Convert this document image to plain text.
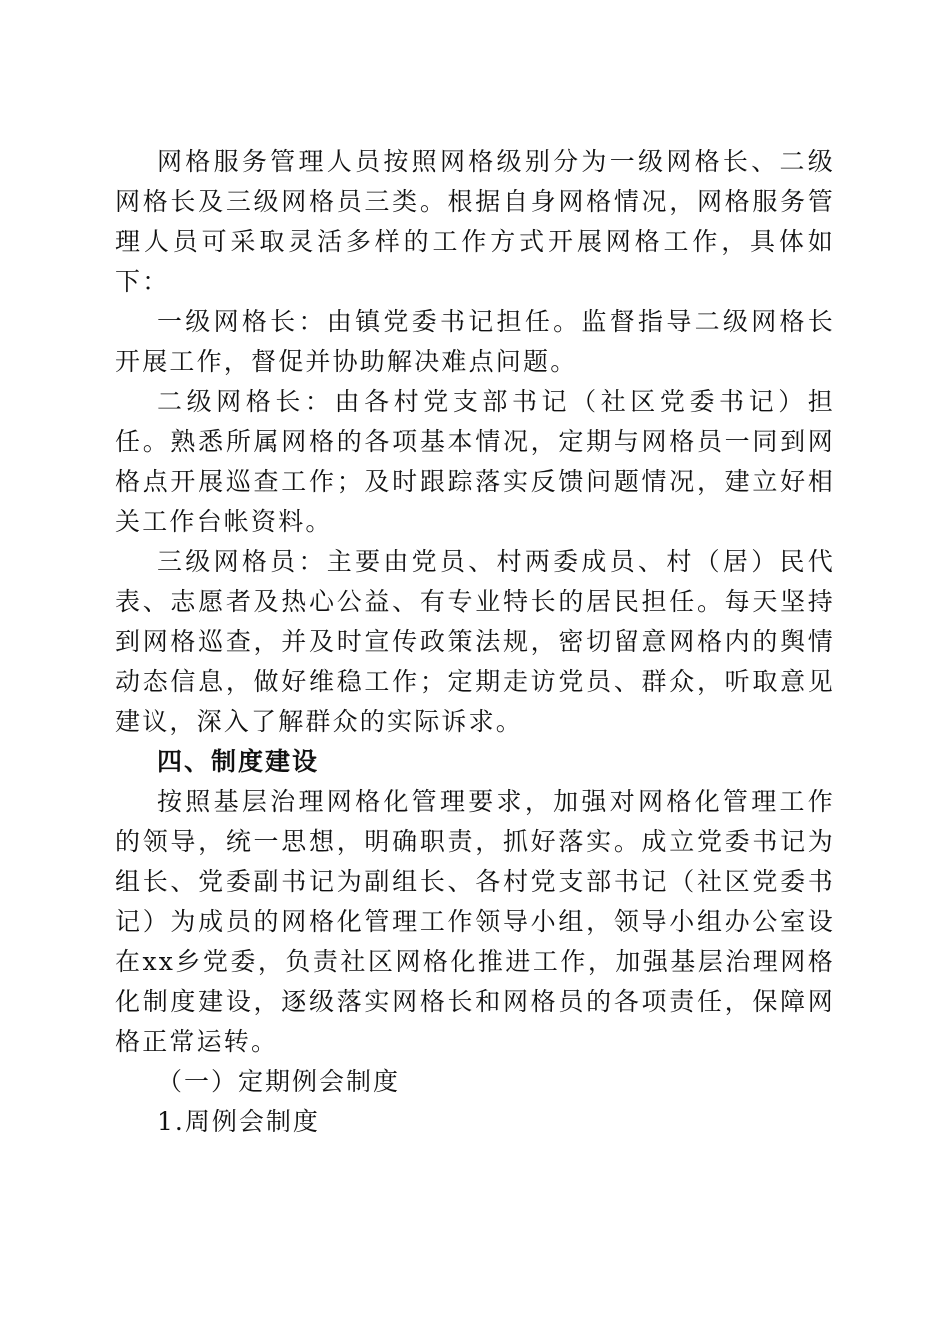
网格服务管理人员按照网格级别分为一级网格长、二级网格长及三级网格员三类。根据自身网格情况，网格服务管理人员可采取灵活多样的工作方式开展网格工作，具体如下：

一级网格长：由镇党委书记担任。监督指导二级网格长开展工作，督促并协助解决难点问题。

二级网格长：由各村党支部书记（社区党委书记）担任。熟悉所属网格的各项基本情况，定期与网格员一同到网格点开展巡查工作；及时跟踪落实反馈问题情况，建立好相关工作台帐资料。

三级网格员：主要由党员、村两委成员、村（居）民代表、志愿者及热心公益、有专业特长的居民担任。每天坚持到网格巡查，并及时宣传政策法规，密切留意网格内的舆情动态信息，做好维稳工作；定期走访党员、群众，听取意见建议，深入了解群众的实际诉求。

四、制度建设

按照基层治理网格化管理要求，加强对网格化管理工作的领导，统一思想，明确职责，抓好落实。成立党委书记为组长、党委副书记为副组长、各村党支部书记（社区党委书记）为成员的网格化管理工作领导小组，领导小组办公室设在xx乡党委，负责社区网格化推进工作，加强基层治理网格化制度建设，逐级落实网格长和网格员的各项责任，保障网格正常运转。

（一）定期例会制度

1.周例会制度
